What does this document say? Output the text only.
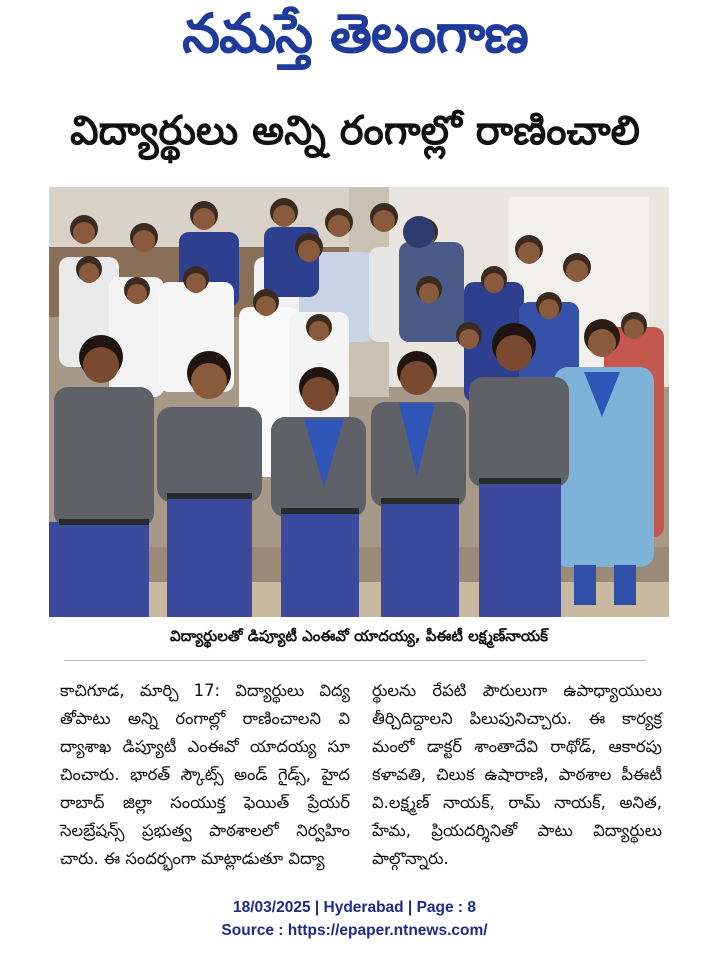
నమస్తే తెలంగాణ
విద్యార్థులు అన్ని రంగాల్లో రాణించాలి
విద్యార్థులతో డిప్యూటీ ఎంఈవో యాదయ్య, పీఈటీ లక్ష్మణ్‌నాయక్

కాచిగూడ, మార్చి 17: విద్యార్థులు విద్య తోపాటు అన్ని రంగాల్లో రాణించాలని వి ద్యాశాఖ డిప్యూటీ ఎంఈవో యాదయ్య సూ చించారు. భారత్ స్కౌట్స్ అండ్ గైడ్స్, హైద రాబాద్ జిల్లా సంయుక్త ఫెయిత్ ప్రేయర్ సెలబ్రేషన్స్ ప్రభుత్వ పాఠశాలలో నిర్వహిం చారు. ఈ సందర్భంగా మాట్లాడుతూ విద్యా

ర్థులను రేపటి పౌరులుగా ఉపాధ్యాయులు తీర్చిదిద్దాలని పిలుపునిచ్చారు. ఈ కార్యక్ర మంలో డాక్టర్ శాంతాదేవి రాథోడ్, ఆకారపు కళావతి, చిలుక ఉషారాణి, పాఠశాల పీఈటీ వి.లక్ష్మణ్ నాయక్, రామ్ నాయక్, అనిత, హేమ, ప్రియదర్శినితో పాటు విద్యార్థులు పాల్గొన్నారు.

18/03/2025 | Hyderabad | Page : 8
Source : https://epaper.ntnews.com/
